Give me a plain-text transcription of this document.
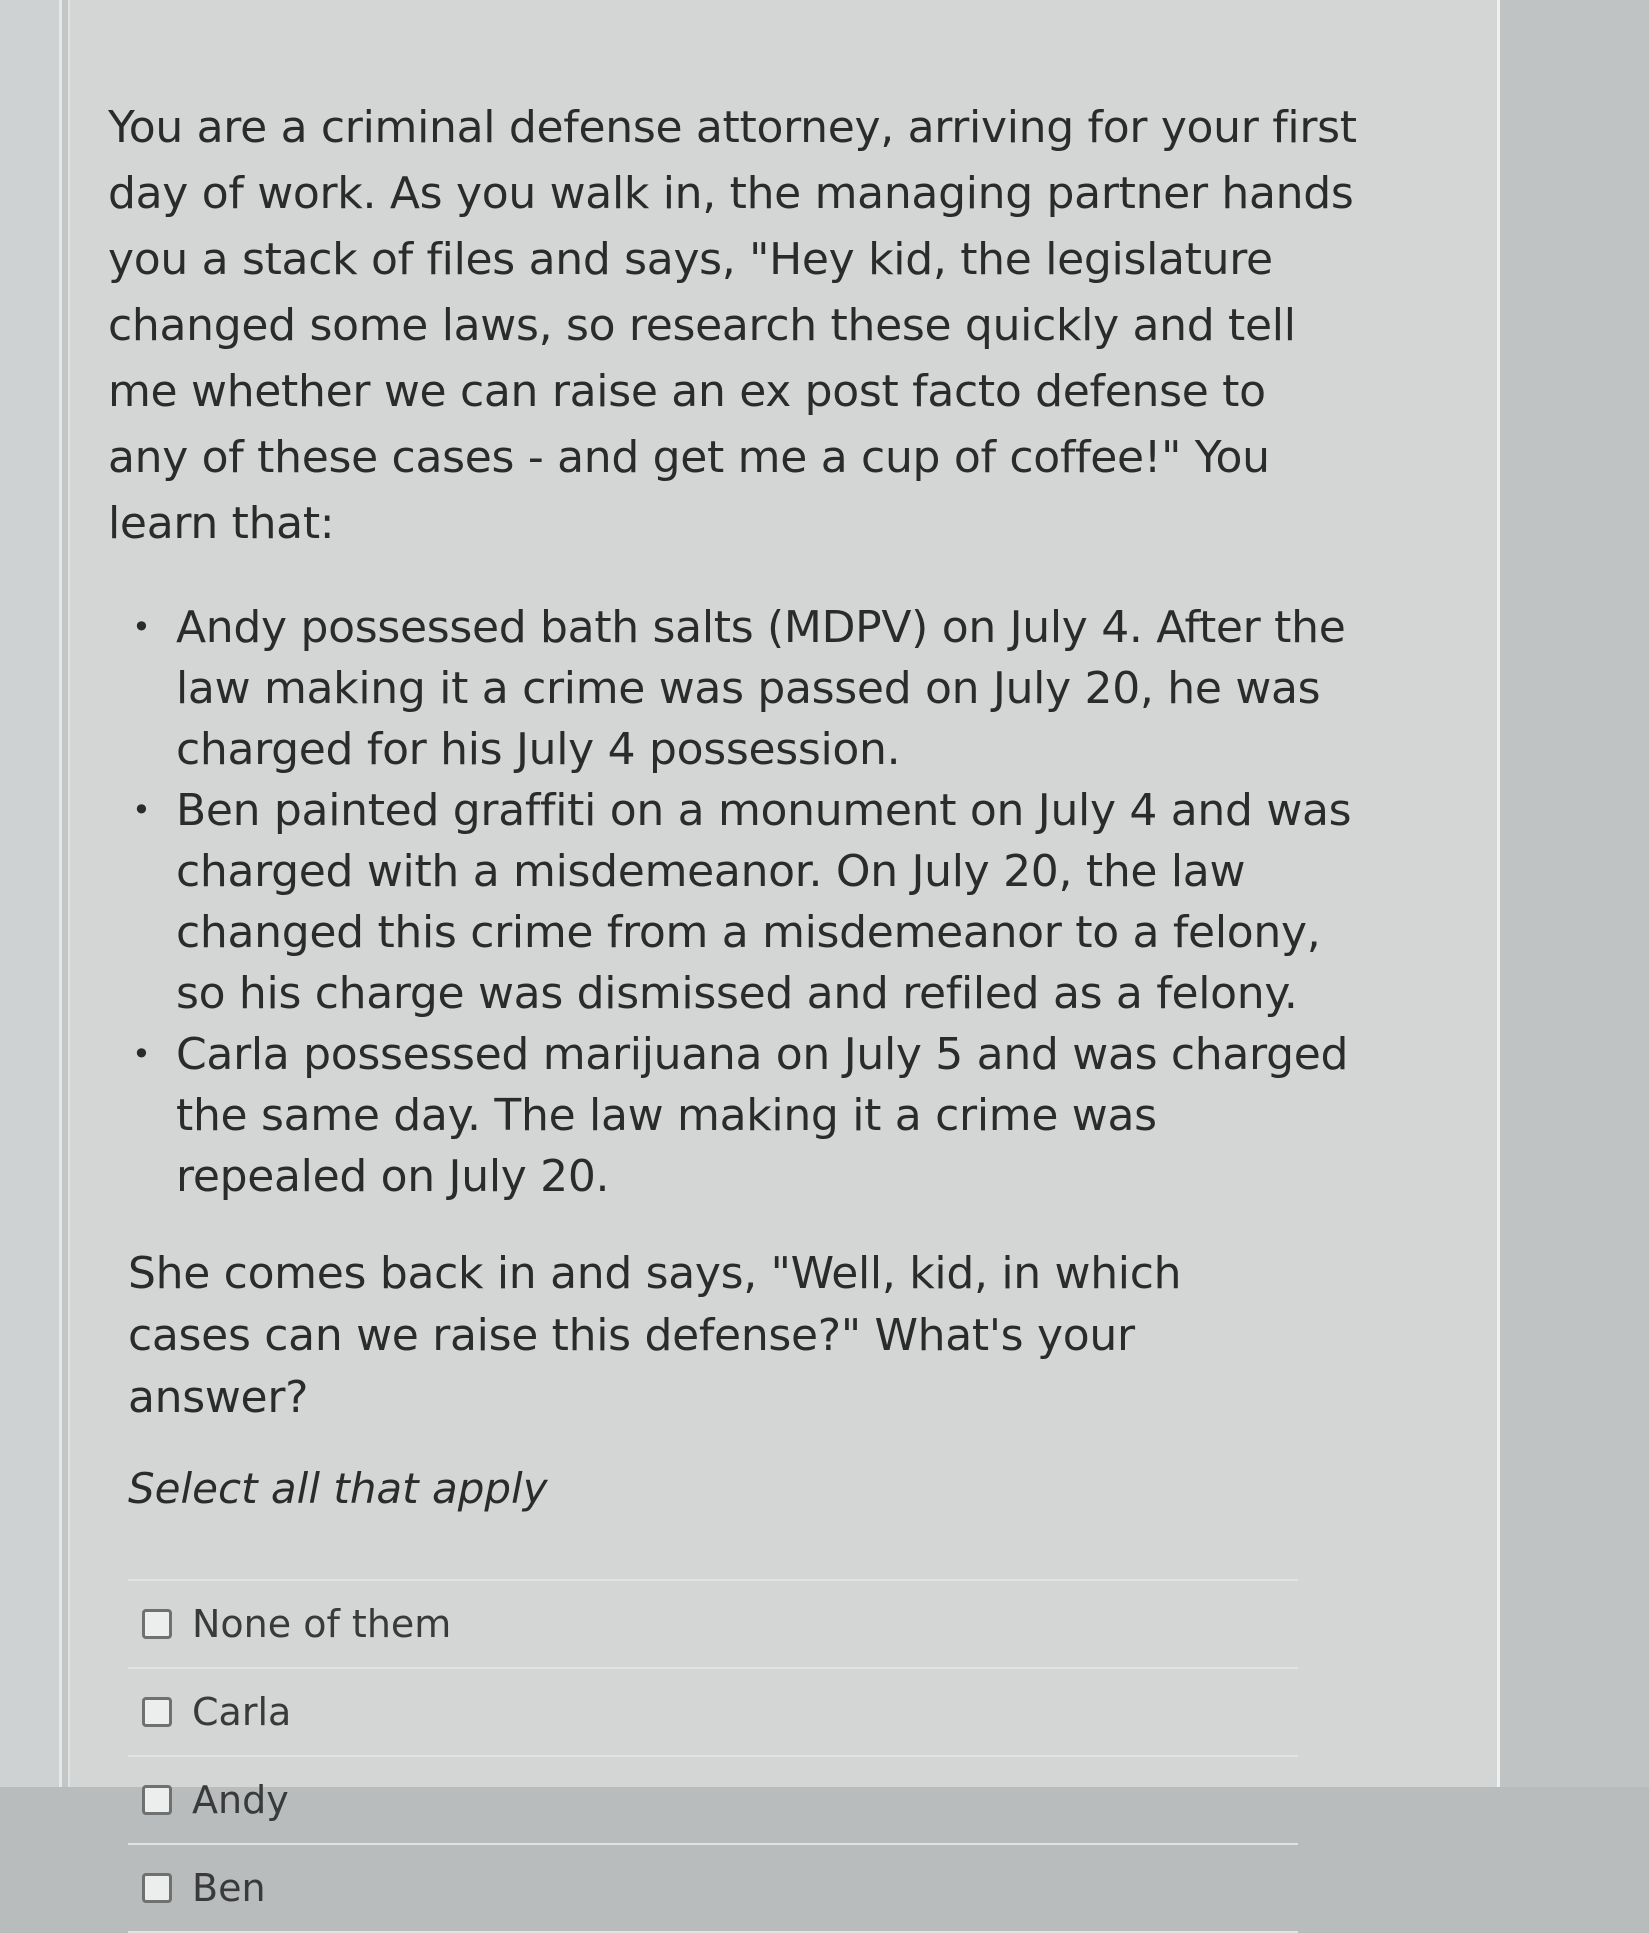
You are a criminal defense attorney, arriving for your first day of work. As you walk in, the managing partner hands you a stack of files and says, "Hey kid, the legislature changed some laws, so research these quickly and tell me whether we can raise an ex post facto defense to any of these cases - and get me a cup of coffee!" You learn that:

• Andy possessed bath salts (MDPV) on July 4. After the law making it a crime was passed on July 20, he was charged for his July 4 possession.
• Ben painted graffiti on a monument on July 4 and was charged with a misdemeanor. On July 20, the law changed this crime from a misdemeanor to a felony, so his charge was dismissed and refiled as a felony.
• Carla possessed marijuana on July 5 and was charged the same day. The law making it a crime was repealed on July 20.

She comes back in and says, "Well, kid, in which cases can we raise this defense?" What's your answer?

Select all that apply
None of them
Carla
Andy
Ben
